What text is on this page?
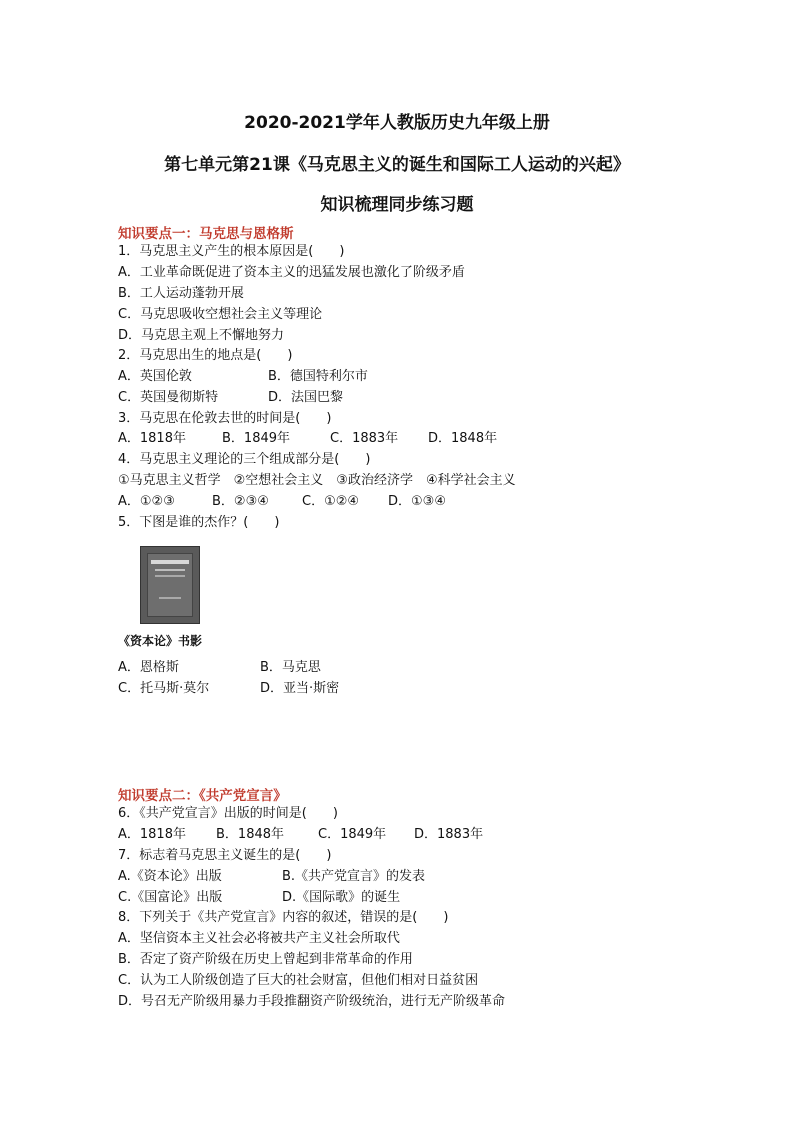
2020-2021学年人教版历史九年级上册
第七单元第21课《马克思主义的诞生和国际工人运动的兴起》
知识梳理同步练习题
知识要点一：马克思与恩格斯
1．马克思主义产生的根本原因是(　　)
A．工业革命既促进了资本主义的迅猛发展也激化了阶级矛盾
B．工人运动蓬勃开展
C．马克思吸收空想社会主义等理论
D．马克思主观上不懈地努力
2．马克思出生的地点是(　　)
A．英国伦敦	B．德国特利尔市
C．英国曼彻斯特	D．法国巴黎
3．马克思在伦敦去世的时间是(　　)
A．1818年	B．1849年	C．1883年 D．1848年
4．马克思主义理论的三个组成部分是(　　)
①马克思主义哲学　②空想社会主义　③政治经济学　④科学社会主义
A．①②③	B．②③④	C．①②④ D．①③④
5．下图是谁的杰作？(　　)
《资本论》书影
A．恩格斯	B．马克思
C．托马斯·莫尔	D．亚当·斯密
知识要点二：《共产党宣言》
6．《共产党宣言》出版的时间是(　　)
A．1818年 B．1848年	C．1849年 D．1883年
7．标志着马克思主义诞生的是(　　)
A.《资本论》出版	B.《共产党宣言》的发表
C.《国富论》出版	D.《国际歌》的诞生
8．下列关于《共产党宣言》内容的叙述，错误的是(　　)
A．坚信资本主义社会必将被共产主义社会所取代
B．否定了资产阶级在历史上曾起到非常革命的作用
C．认为工人阶级创造了巨大的社会财富，但他们相对日益贫困
D．号召无产阶级用暴力手段推翻资产阶级统治，进行无产阶级革命
